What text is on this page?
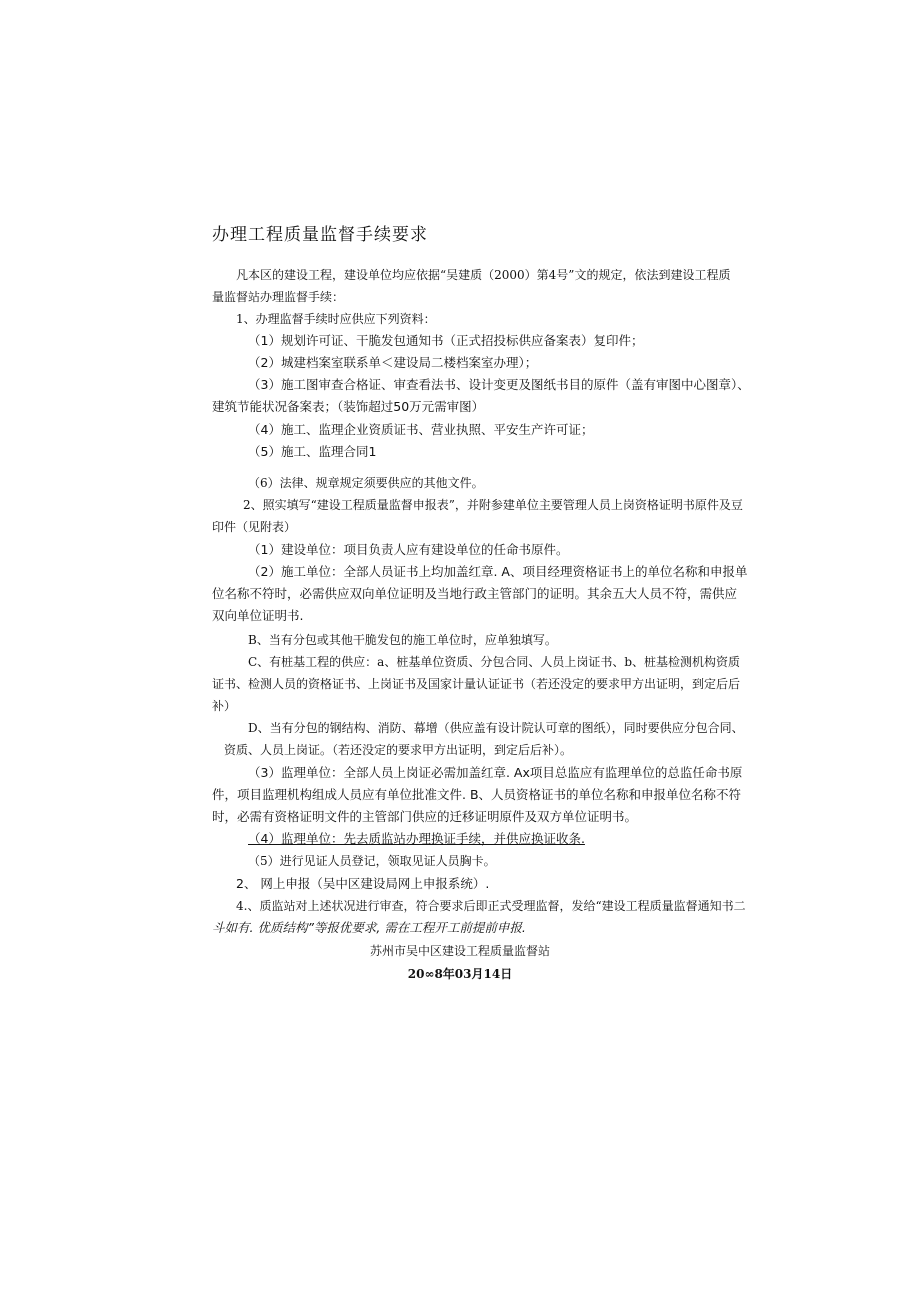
办理工程质量监督手续要求
凡本区的建设工程，建设单位均应依据“吴建质（2000）第4号”文的规定，依法到建设工程质
量监督站办理监督手续：
1、办理监督手续时应供应下列资料：
（1）规划许可证、干脆发包通知书（正式招投标供应备案表）复印件；
（2）城建档案室联系单＜建设局二楼档案室办理）；
（3）施工图审查合格证、审查看法书、设计变更及图纸书目的原件（盖有审图中心图章）、
建筑节能状况备案表；（装饰超过50万元需审图）
（4）施工、监理企业资质证书、营业执照、平安生产许可证；
（5）施工、监理合同1
（6）法律、规章规定须要供应的其他文件。
2、照实填写“建设工程质量监督申报表”，并附参建单位主要管理人员上岗资格证明书原件及豆
印件（见附表）
（1）建设单位：项目负责人应有建设单位的任命书原件。
（2）施工单位：全部人员证书上均加盖红章. A、项目经理资格证书上的单位名称和申报单
位名称不符时，必需供应双向单位证明及当地行政主管部门的证明。其余五大人员不符，需供应
双向单位证明书.
B、当有分包或其他干脆发包的施工单位时，应单独填写。
C、有桩基工程的供应：a、桩基单位资质、分包合同、人员上岗证书、b、桩基检测机构资质
证书、检测人员的资格证书、上岗证书及国家计量认证证书（若还没定的要求甲方出证明，到定后后
补）
D、当有分包的钢结构、消防、幕增（供应盖有设计院认可章的图纸），同时要供应分包合同、
资质、人员上岗证。（若还没定的要求甲方出证明，到定后后补）。
（3）监理单位：全部人员上岗证必需加盖红章. Ax项目总监应有监理单位的总监任命书原
件，项目监理机构组成人员应有单位批准文件. B、人员资格证书的单位名称和申报单位名称不符
时，必需有资格证明文件的主管部门供应的迁移证明原件及双方单位证明书。
（4）监理单位：先去质监站办理换证手续，并供应换证收条.
（5）进行见证人员登记，领取见证人员胸卡。
2、 网上申报（吴中区建设局网上申报系统）.
4.、质监站对上述状况进行审查，符合要求后即正式受理监督，发给“建设工程质量监督通知书二
斗如有. 优质结构”等报优要求, 需在工程开工前提前申报.
苏州市吴中区建设工程质量监督站
20∞8年03月14日
